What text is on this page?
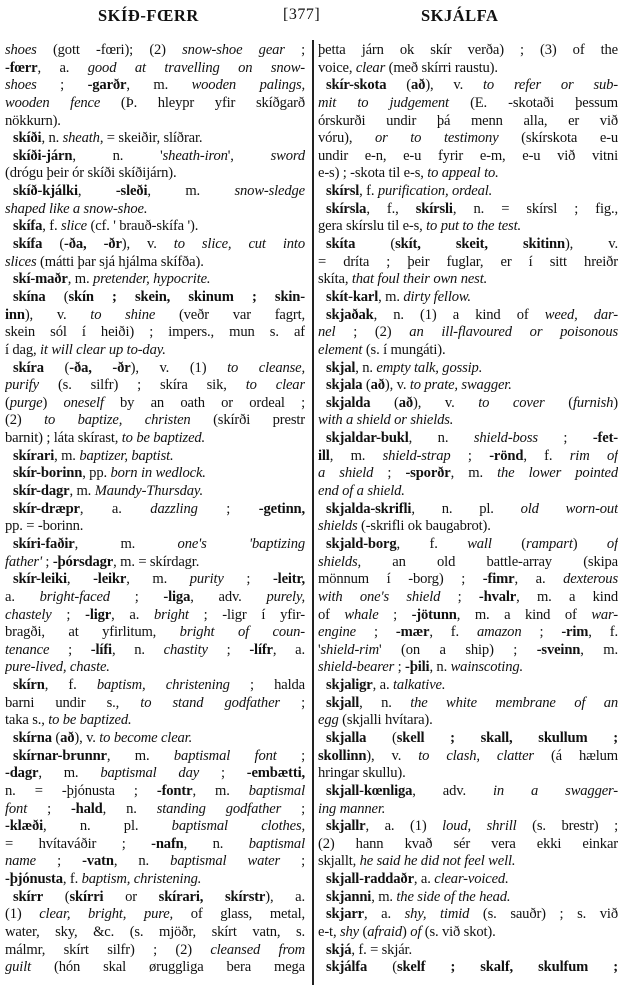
SKÍÐ-FŒRR	[377]	SKJÁLFA
shoes (gott -fœri); (2) snow-shoe gear ;
-fœrr, a. good at travelling on snow-
shoes ; -garðr, m. wooden palings,
wooden fence (Þ. hleypr yfir skíðgarð
nökkurn).
skíði, n. sheath, = skeiðir, slíðrar.
skíði-járn, n. 'sheath-iron', sword
(drógu þeir ór skíði skíðijárn).
skíð-kjálki, -sleði, m. snow-sledge
shaped like a snow-shoe.
skífa, f. slice (cf. ' brauð-skífa ').
skífa (-ða, -ðr), v. to slice, cut into
slices (mátti þar sjá hjálma skífða).
skí-maðr, m. pretender, hypocrite.
skína (skín ; skein, skinum ; skin-
inn), v. to shine (veðr var fagrt,
skein sól í heiði) ; impers., mun s. af
í dag, it will clear up to-day.
skíra (-ða, -ðr), v. (1) to cleanse,
purify (s. silfr) ; skíra sik, to clear
(purge) oneself by an oath or ordeal ;
(2) to baptize, christen (skírði prestr
barnit) ; láta skírast, to be baptized.
skírari, m. baptizer, baptist.
skír-borinn, pp. born in wedlock.
skír-dagr, m. Maundy-Thursday.
skír-dræpr, a. dazzling ; -getinn,
pp. = -borinn.
skíri-faðir, m. one's 'baptizing
father' ; -þórsdagr, m. = skírdagr.
skír-leiki, -leikr, m. purity ; -leitr,
a. bright-faced ; -liga, adv. purely,
chastely ; -ligr, a. bright ; -ligr í yfir-
bragði, at yfirlitum, bright of coun-
tenance ; -lífi, n. chastity ; -lífr, a.
pure-lived, chaste.
skírn, f. baptism, christening ; halda
barni undir s., to stand godfather ;
taka s., to be baptized.
skírna (að), v. to become clear.
skírnar-brunnr, m. baptismal font ;
-dagr, m. baptismal day ; -embætti,
n. = -þjónusta ; -fontr, m. baptismal
font ; -hald, n. standing godfather ;
-klæði, n. pl. baptismal clothes,
= hvítaváðir ; -nafn, n. baptismal
name ; -vatn, n. baptismal water ;
-þjónusta, f. baptism, christening.
skírr (skírri or skírari, skírstr), a.
(1) clear, bright, pure, of glass, metal,
water, sky, &c. (s. mjöðr, skírt vatn, s.
málmr, skírt silfr) ; (2) cleansed from
guilt (hón skal øruggliga bera mega
þetta járn ok skír verða) ; (3) of the
voice, clear (með skírri raustu).
skír-skota (að), v. to refer or sub-
mit to judgement (E. -skotaði þessum
órskurði undir þá menn alla, er við
vóru), or to testimony (skírskota e-u
undir e-n, e-u fyrir e-m, e-u við vitni
e-s) ; -skota til e-s, to appeal to.
skírsl, f. purification, ordeal.
skírsla, f., skírsli, n. = skírsl ; fig.,
gera skírslu til e-s, to put to the test.
skíta (skít, skeit, skitinn), v.
= dríta ; þeir fuglar, er í sitt hreiðr
skíta, that foul their own nest.
skít-karl, m. dirty fellow.
skjaðak, n. (1) a kind of weed, dar-
nel ; (2) an ill-flavoured or poisonous
element (s. í mungáti).
skjal, n. empty talk, gossip.
skjala (að), v. to prate, swagger.
skjalda (að), v. to cover (furnish)
with a shield or shields.
skjaldar-bukl, n. shield-boss ; -fet-
ill, m. shield-strap ; -rönd, f. rim of
a shield ; -sporðr, m. the lower pointed
end of a shield.
skjalda-skrifli, n. pl. old worn-out
shields (-skrifli ok baugabrot).
skjald-borg, f. wall (rampart) of
shields, an old battle-array (skipa
mönnum í -borg) ; -fimr, a. dexterous
with one's shield ; -hvalr, m. a kind
of whale ; -jötunn, m. a kind of war-
engine ; -mær, f. amazon ; -rim, f.
'shield-rim' (on a ship) ; -sveinn, m.
shield-bearer ; -þili, n. wainscoting.
skjaligr, a. talkative.
skjall, n. the white membrane of an
egg (skjalli hvítara).
skjalla (skell ; skall, skullum ;
skollinn), v. to clash, clatter (á hælum
hringar skullu).
skjall-kœnliga, adv. in a swagger-
ing manner.
skjallr, a. (1) loud, shrill (s. brestr) ;
(2) hann kvað sér vera ekki einkar
skjallt, he said he did not feel well.
skjall-raddaðr, a. clear-voiced.
skjanni, m. the side of the head.
skjarr, a. shy, timid (s. sauðr) ; s. við
e-t, shy (afraid) of (s. við skot).
skjá, f. = skjár.
skjálfa (skelf ; skalf, skulfum ;
